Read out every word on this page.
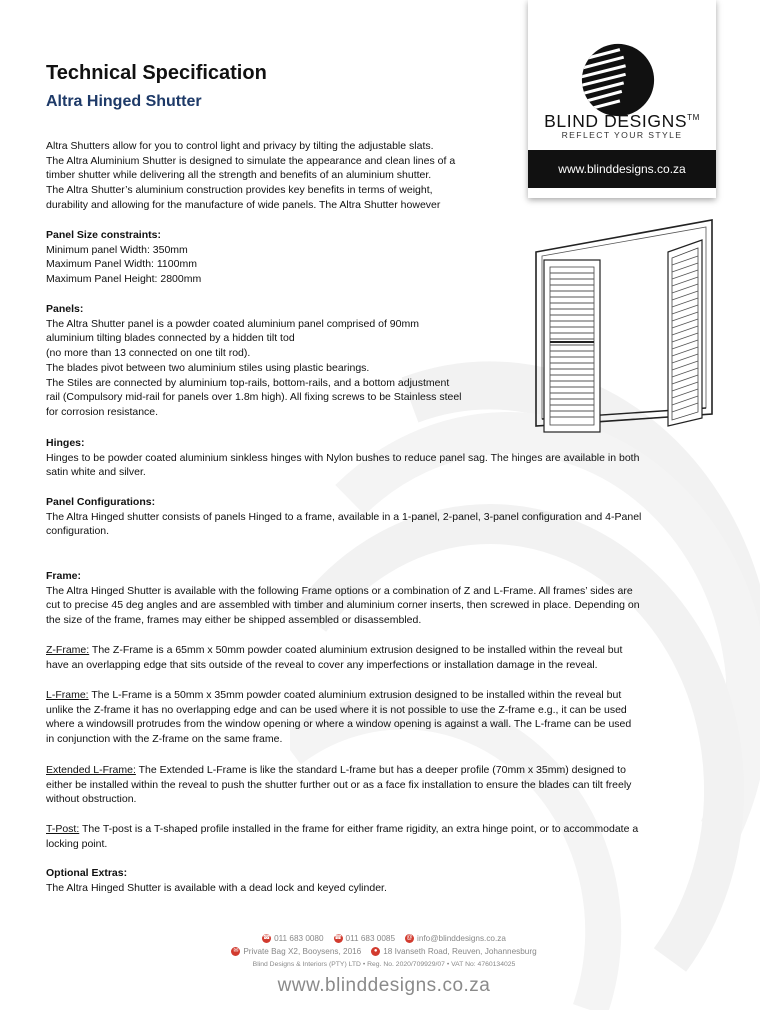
BLIND DESIGNS™
REFLECT YOUR STYLE
www.blinddesigns.co.za
Technical Specification
Altra Hinged Shutter
Altra Shutters allow for you to control light and privacy by tilting the adjustable slats.
The Altra Aluminium Shutter is designed to simulate the appearance and clean lines of a
timber shutter while delivering all the strength and benefits of an aluminium shutter.
The Altra Shutter’s aluminium construction provides key benefits in terms of weight,
durability and allowing for the manufacture of wide panels. The Altra Shutter however
Panel Size constraints:
Minimum panel Width: 350mm
Maximum Panel Width: 1100mm
Maximum Panel Height: 2800mm
Panels:
The Altra Shutter panel is a powder coated aluminium panel comprised of 90mm
aluminium tilting blades connected by a hidden tilt tod
(no more than 13 connected on one tilt rod).
The blades pivot between two aluminium stiles using plastic bearings.
The Stiles are connected by aluminium top-rails, bottom-rails, and a bottom adjustment
rail (Compulsory mid-rail for panels over 1.8m high). All fixing screws to be Stainless steel
for corrosion resistance.
Hinges:
Hinges to be powder coated aluminium sinkless hinges with Nylon bushes to reduce panel sag. The hinges are available in both
satin white and silver.
Panel Configurations:
The Altra Hinged shutter consists of panels Hinged to a frame, available in a 1-panel, 2-panel, 3-panel configuration and 4-Panel
configuration.
Frame:
The Altra Hinged Shutter is available with the following Frame options or a combination of Z and L-Frame. All frames’ sides are
cut to precise 45 deg angles and are assembled with timber and aluminium corner inserts, then screwed in place. Depending on
the size of the frame, frames may either be shipped assembled or disassembled.
Z-Frame: The Z-Frame is a 65mm x 50mm powder coated aluminium extrusion designed to be installed within the reveal but
have an overlapping edge that sits outside of the reveal to cover any imperfections or installation damage in the reveal.
L-Frame: The L-Frame is a 50mm x 35mm powder coated aluminium extrusion designed to be installed within the reveal but
unlike the Z-frame it has no overlapping edge and can be used where it is not possible to use the Z-frame e.g., it can be used
where a windowsill protrudes from the window opening or where a window opening is against a wall. The L-frame can be used
in conjunction with the Z-frame on the same frame.
Extended L-Frame: The Extended L-Frame is like the standard L-frame but has a deeper profile (70mm x 35mm) designed to
either be installed within the reveal to push the shutter further out or as a face fix installation to ensure the blades can tilt freely
without obstruction.
T-Post: The T-post is a T-shaped profile installed in the frame for either frame rigidity, an extra hinge point, or to accommodate a
locking point.
Optional Extras:
The Altra Hinged Shutter is available with a dead lock and keyed cylinder.
☎ 011 683 0080 ☎ 011 683 0085 @ info@blinddesigns.co.za
✉ Private Bag X2, Booysens, 2016	● 18 Ivanseth Road, Reuven, Johannesburg
Blind Designs & Interiors (PTY) LTD • Reg. No. 2020/709929/07 • VAT No: 4760134025
www.blinddesigns.co.za
